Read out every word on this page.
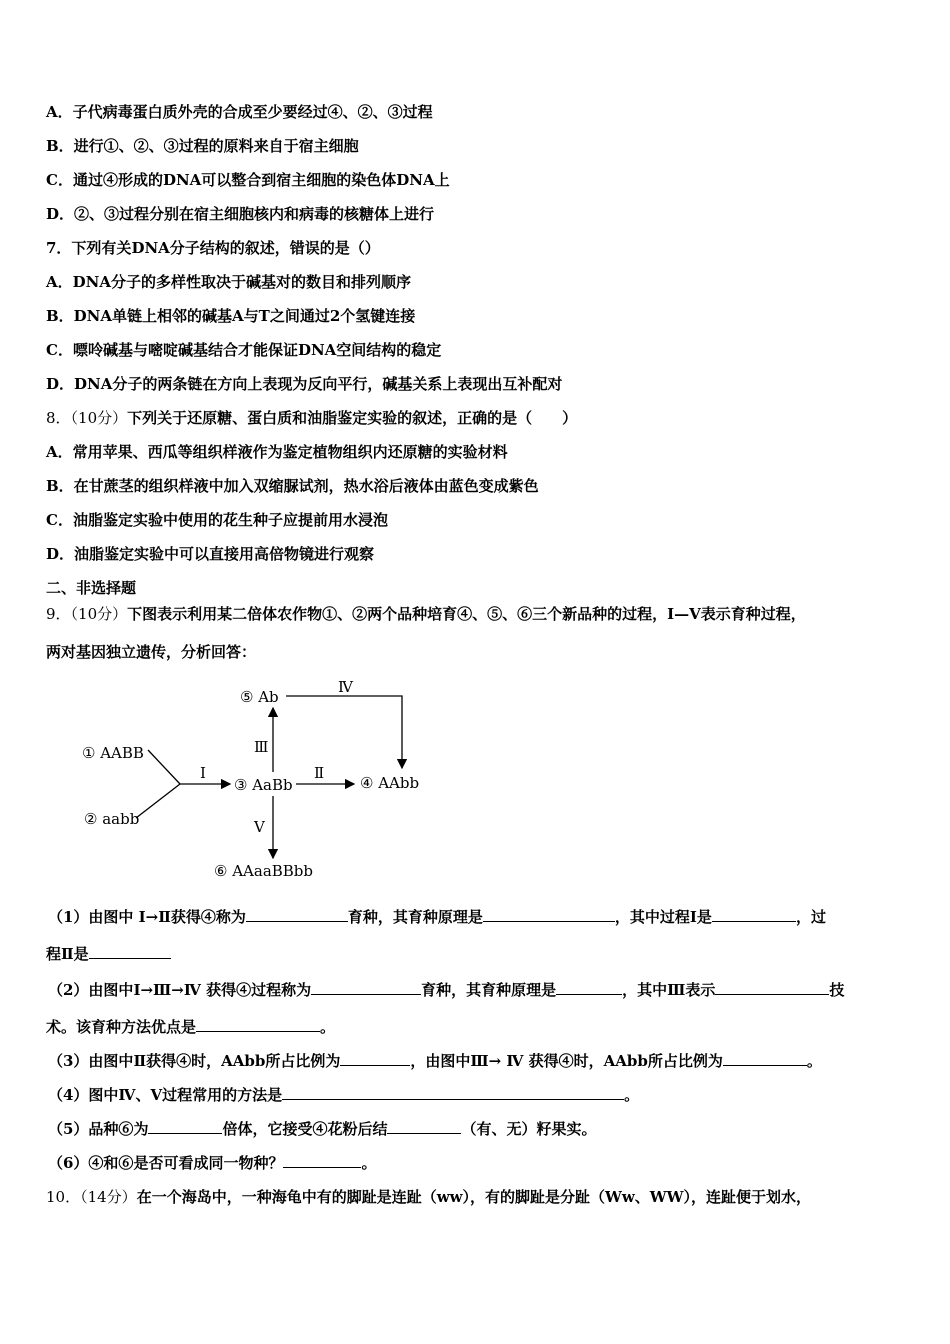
A．子代病毒蛋白质外壳的合成至少要经过④、②、③过程
B．进行①、②、③过程的原料来自于宿主细胞
C．通过④形成的DNA可以整合到宿主细胞的染色体DNA上
D．②、③过程分别在宿主细胞核内和病毒的核糖体上进行
7．下列有关DNA分子结构的叙述，错误的是（）
A．DNA分子的多样性取决于碱基对的数目和排列顺序
B．DNA单链上相邻的碱基A与T之间通过2个氢键连接
C．嘌呤碱基与嘧啶碱基结合才能保证DNA空间结构的稳定
D．DNA分子的两条链在方向上表现为反向平行，碱基关系上表现出互补配对
8．（10分）下列关于还原糖、蛋白质和油脂鉴定实验的叙述，正确的是（　　）
A．常用苹果、西瓜等组织样液作为鉴定植物组织内还原糖的实验材料
B．在甘蔗茎的组织样液中加入双缩脲试剂，热水浴后液体由蓝色变成紫色
C．油脂鉴定实验中使用的花生种子应提前用水浸泡
D．油脂鉴定实验中可以直接用高倍物镜进行观察
二、非选择题
9．（10分）下图表示利用某二倍体农作物①、②两个品种培育④、⑤、⑥三个新品种的过程，Ⅰ—Ⅴ表示育种过程，
两对基因独立遗传，分析回答：
① AABB
② aabb
③ AaBb	④ AAbb
⑤ Ab
⑥ AAaaBBbb
Ⅰ	Ⅱ
Ⅲ
Ⅳ
Ⅴ
（1）由图中 Ⅰ→Ⅱ获得④称为	育种，其育种原理是	，其中过程Ⅰ是	，过
程Ⅱ是
（2）由图中Ⅰ→Ⅲ→Ⅳ 获得④过程称为	育种，其育种原理是	，其中Ⅲ表示	技
术。该育种方法优点是	。
（3）由图中Ⅱ获得④时，AAbb所占比例为	，由图中Ⅲ→ Ⅳ 获得④时，AAbb所占比例为	。
（4）图中Ⅳ、Ⅴ过程常用的方法是	。
（5）品种⑥为	倍体，它接受④花粉后结	（有、无）籽果实。
（6）④和⑥是否可看成同一物种？	。
10．（14分）在一个海岛中，一种海龟中有的脚趾是连趾（ww），有的脚趾是分趾（Ww、WW），连趾便于划水，
